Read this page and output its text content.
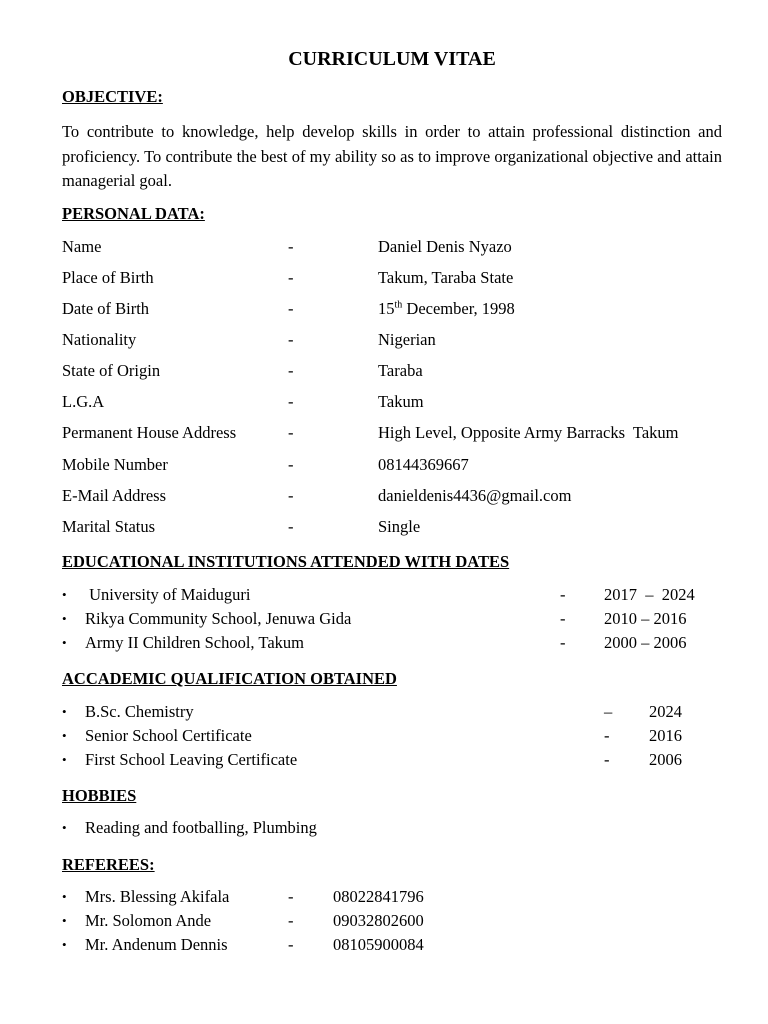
CURRICULUM VITAE
OBJECTIVE:
To contribute to knowledge, help develop skills in order to attain professional distinction and proficiency. To contribute the best of my ability so as to improve organizational objective and attain managerial goal.
PERSONAL DATA:
Name	-	Daniel Denis Nyazo
Place of Birth	-	Takum, Taraba State
Date of Birth	-	15th December, 1998
Nationality	-	Nigerian
State of Origin	-	Taraba
L.G.A	-	Takum
Permanent House Address	-	High Level, Opposite Army Barracks  Takum
Mobile Number	-	08144369667
E-Mail Address	-	danieldenis4436@gmail.com
Marital Status	-	Single
EDUCATIONAL INSTITUTIONS ATTENDED WITH DATES
• University of Maiduguri	- 2017  –  2024
• Rikya Community School, Jenuwa Gida	- 2010 – 2016
• Army II Children School, Takum	- 2000 – 2006
ACCADEMIC QUALIFICATION OBTAINED
• B.Sc. Chemistry	– 2024
• Senior School Certificate	- 2016
• First School Leaving Certificate	- 2006
HOBBIES
• Reading and footballing, Plumbing
REFEREES:
• Mrs. Blessing Akifala	- 08022841796
• Mr. Solomon Ande	- 09032802600
• Mr. Andenum Dennis	- 08105900084
